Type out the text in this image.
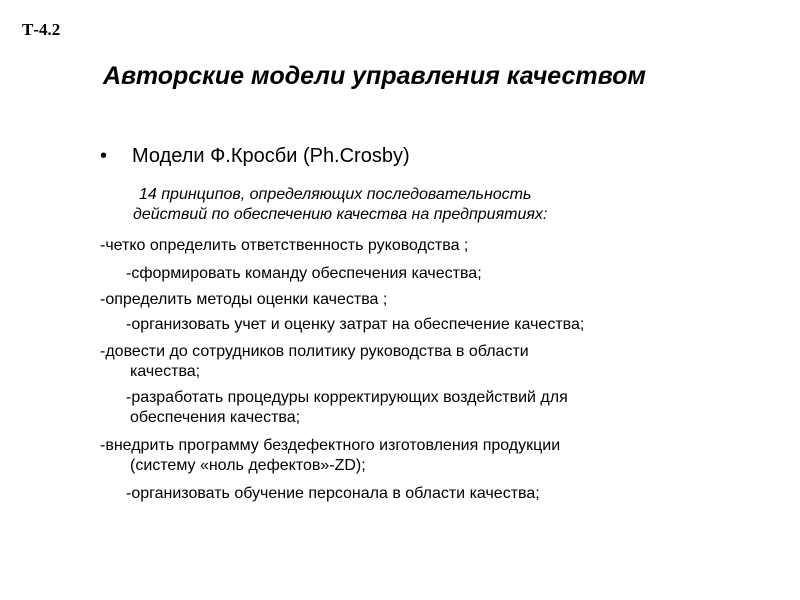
Т-4.2
Авторские модели управления качеством
• Модели Ф.Кросби (Ph.Crosby)
14 принципов, определяющих последовательность
действий по обеспечению качества на предприятиях:
-четко определить ответственность руководства ;
-сформировать команду обеспечения качества;
-определить методы оценки качества ;
-организовать учет и оценку затрат на обеспечение качества;
-довести до сотрудников политику руководства в области
качества;
-разработать процедуры корректирующих воздействий для
обеспечения качества;
-внедрить программу бездефектного изготовления продукции
(систему «ноль дефектов»-ZD);
-организовать обучение персонала в области качества;
